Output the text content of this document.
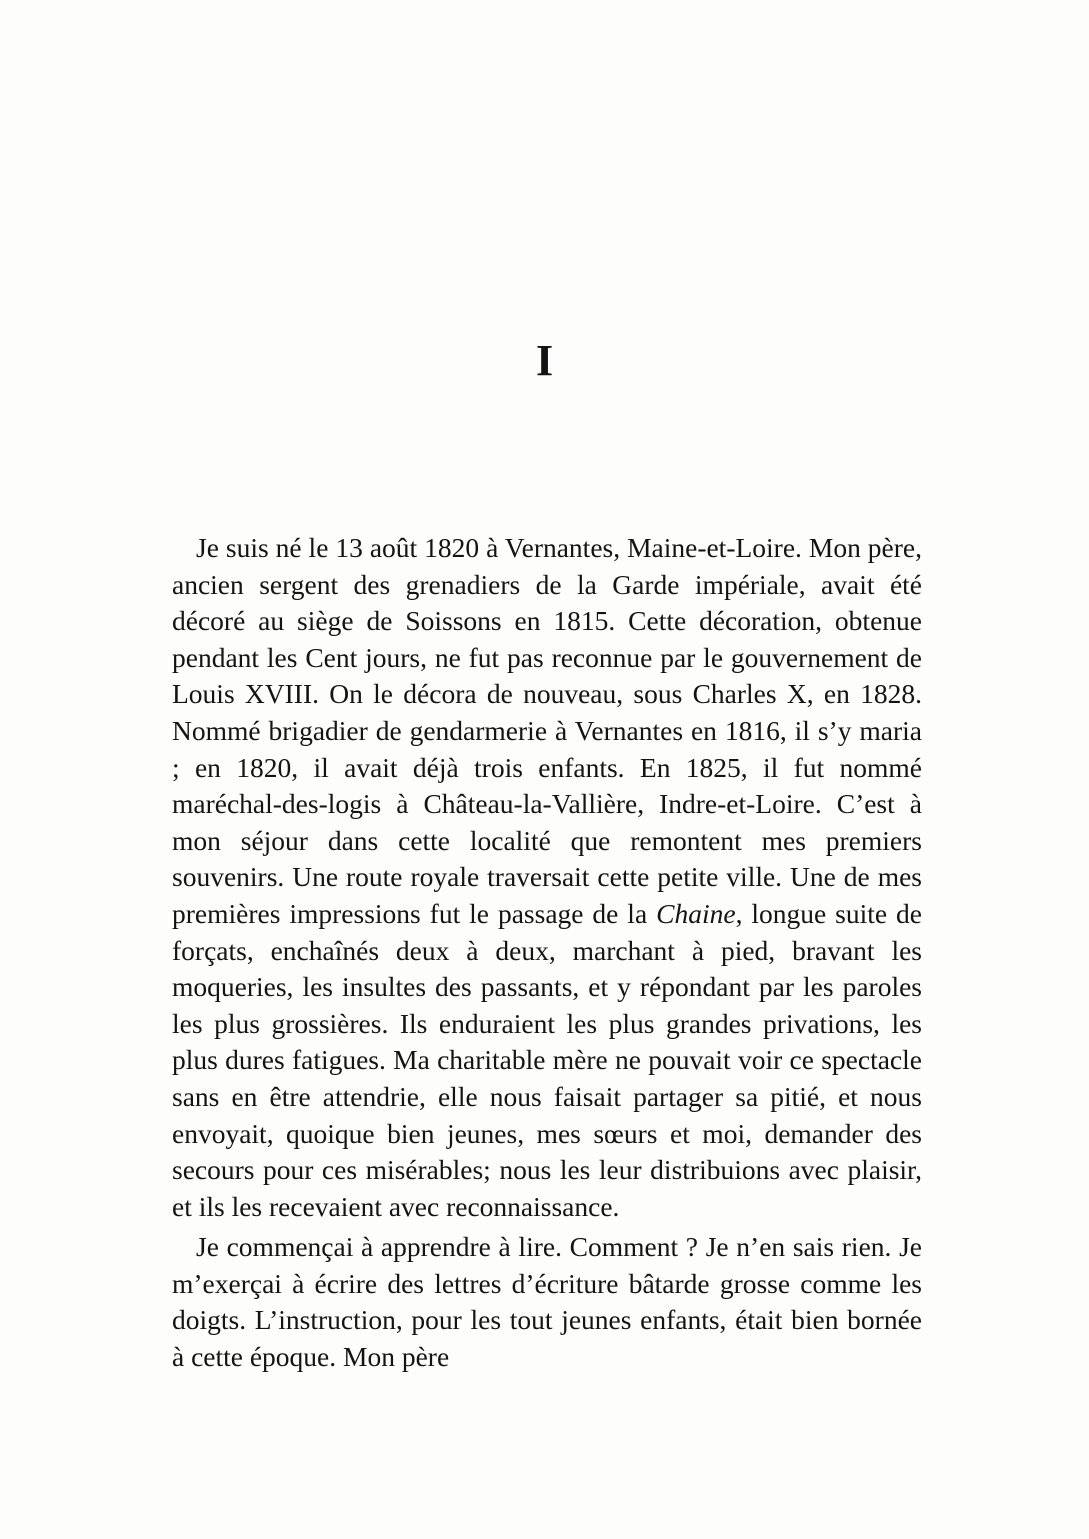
I

Je suis né le 13 août 1820 à Vernantes, Maine-et-Loire. Mon père, ancien sergent des grenadiers de la Garde impériale, avait été décoré au siège de Soissons en 1815. Cette décoration, obtenue pendant les Cent jours, ne fut pas reconnue par le gouvernement de Louis XVIII. On le décora de nouveau, sous Charles X, en 1828. Nommé brigadier de gendarmerie à Vernantes en 1816, il s’y maria ; en 1820, il avait déjà trois enfants. En 1825, il fut nommé maréchal-des-logis à Château-la-Vallière, Indre-et-Loire. C’est à mon séjour dans cette localité que remontent mes premiers souvenirs. Une route royale traversait cette petite ville. Une de mes premières impressions fut le passage de la Chaine, longue suite de forçats, enchaînés deux à deux, marchant à pied, bravant les moqueries, les insultes des passants, et y répondant par les paroles les plus grossières. Ils enduraient les plus grandes privations, les plus dures fatigues. Ma charitable mère ne pouvait voir ce spectacle sans en être attendrie, elle nous faisait partager sa pitié, et nous envoyait, quoique bien jeunes, mes sœurs et moi, demander des secours pour ces misérables; nous les leur distribuions avec plaisir, et ils les recevaient avec reconnaissance.

Je commençai à apprendre à lire. Comment ? Je n’en sais rien. Je m’exerçai à écrire des lettres d’écriture bâtarde grosse comme les doigts. L’instruction, pour les tout jeunes enfants, était bien bornée à cette époque. Mon père
